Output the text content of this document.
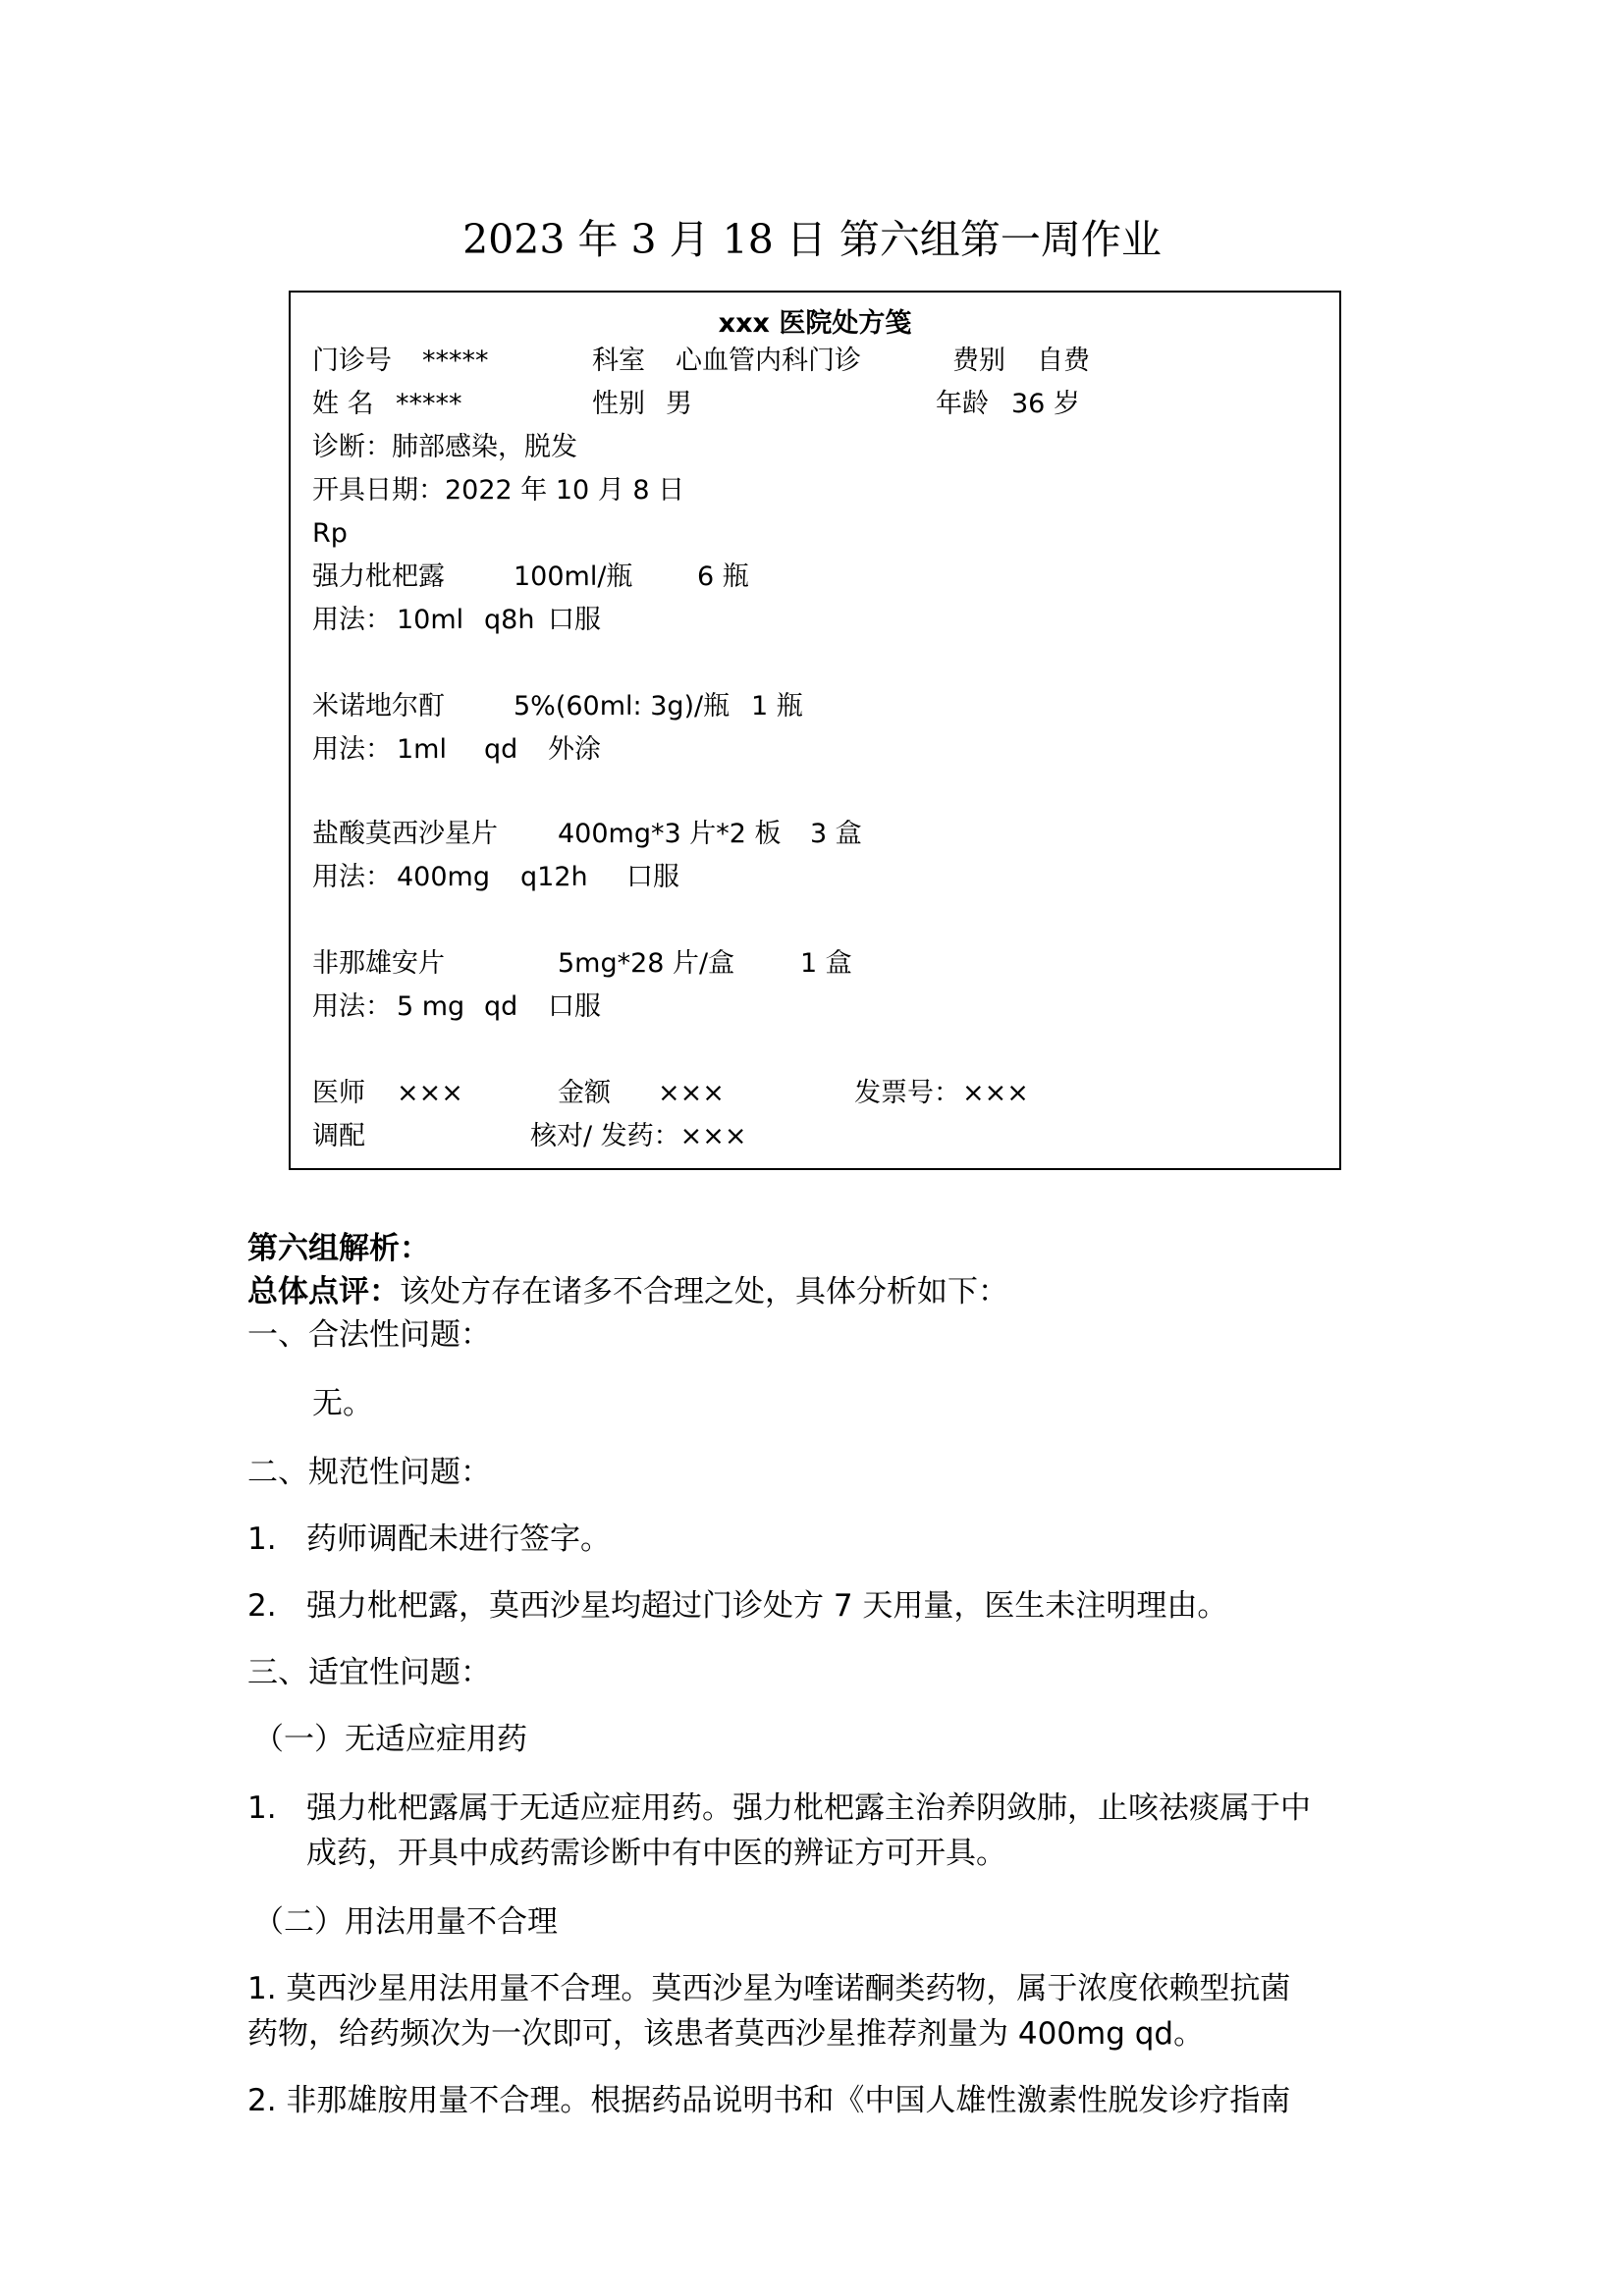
2023 年 3 月 18 日 第六组第一周作业
xxx 医院处方笺
门诊号 *****	科室 心血管内科门诊	费别 自费
姓 名 *****	性别 男	年龄 36 岁
诊断：肺部感染，脱发
开具日期：2022 年 10 月 8 日
Rp
强力枇杷露	100ml/瓶 6 瓶
用法： 10ml q8h 口服
米诺地尔酊	5%(60ml: 3g)/瓶 1 瓶
用法： 1ml qd 外涂
盐酸莫西沙星片 400mg*3 片*2 板 3 盒
用法： 400mg q12h 口服
非那雄安片	5mg*28 片/盒 1 盒
用法： 5 mg qd 口服
医师 ×××	金额 ×××	发票号： ×××
调配	核对/ 发药：×××
第六组解析：
总体点评：该处方存在诸多不合理之处，具体分析如下：
一、合法性问题：
无。
二、规范性问题：
1. 药师调配未进行签字。
2. 强力枇杷露，莫西沙星均超过门诊处方 7 天用量，医生未注明理由。
三、适宜性问题：
（一）无适应症用药
1. 强力枇杷露属于无适应症用药。强力枇杷露主治养阴敛肺，止咳祛痰属于中
成药，开具中成药需诊断中有中医的辨证方可开具。
（二）用法用量不合理
1. 莫西沙星用法用量不合理。莫西沙星为喹诺酮类药物，属于浓度依赖型抗菌
药物，给药频次为一次即可，该患者莫西沙星推荐剂量为 400mg qd。
2. 非那雄胺用量不合理。根据药品说明书和《中国人雄性激素性脱发诊疗指南
